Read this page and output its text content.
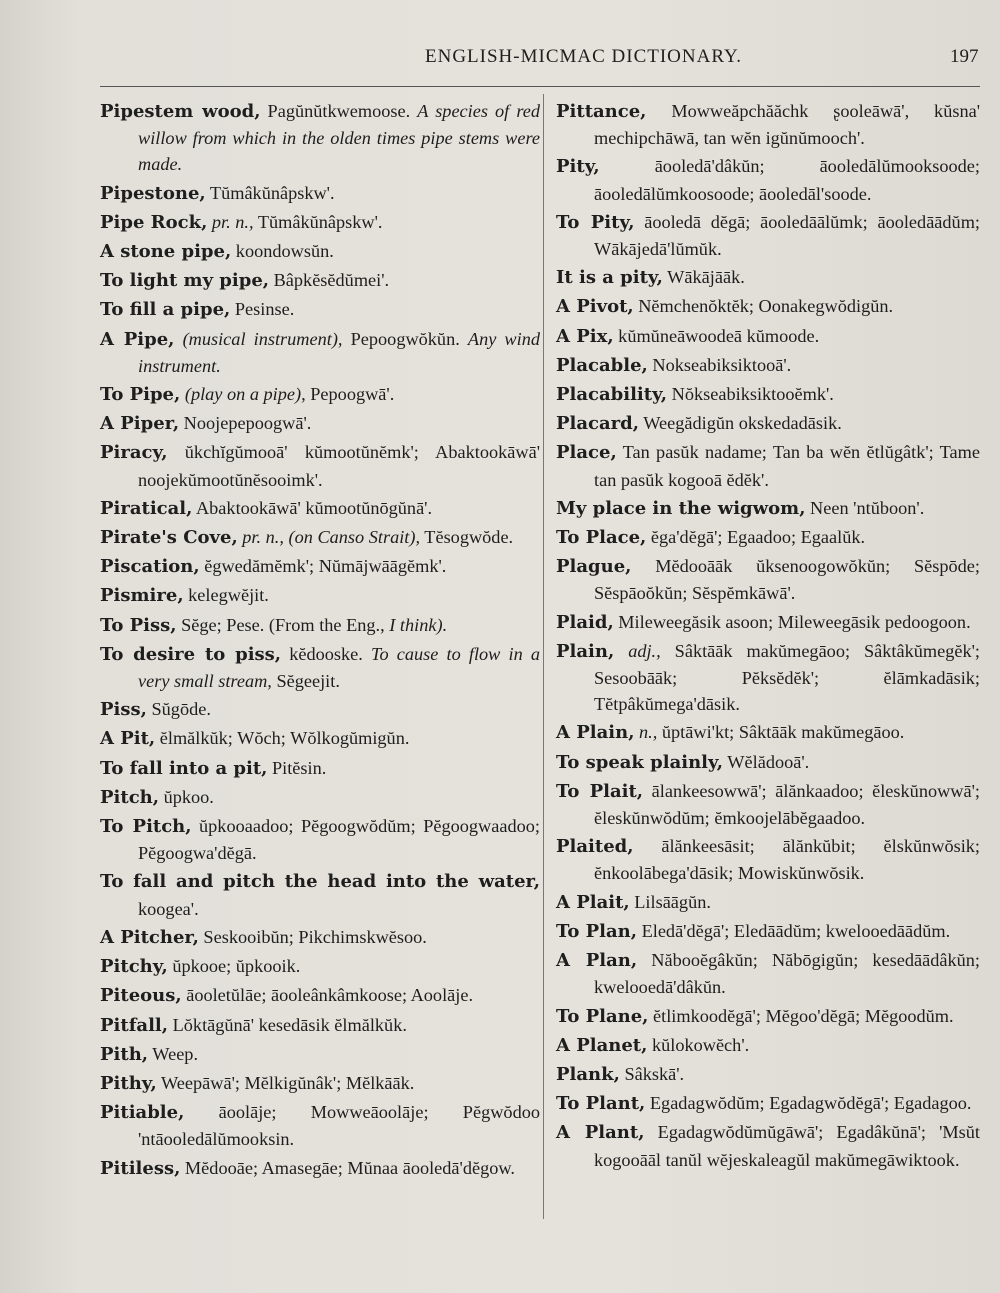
ENGLISH-MICMAC DICTIONARY.	197

Pipestem wood, Pagŭnŭtkwemoose. A species of red willow from which in the olden times pipe stems were made.

Pipestone, Tŭmâkŭnâpskw'.

Pipe Rock, pr. n., Tŭmâkŭnâpskw'.

A stone pipe, koondowsŭn.

To light my pipe, Bâpkĕsĕdŭmei'.

To fill a pipe, Pesinse.

A Pipe, (musical instrument), Pepoogwŏkŭn. Any wind instrument.

To Pipe, (play on a pipe), Pepoogwā'.

A Piper, Noojepepoogwā'.

Piracy, ŭkchĭgŭmooā' kŭmootŭnĕmk'; Abaktookāwā' noojekŭmootŭnĕsooimk'.

Piratical, Abaktookāwā' kŭmootŭnōgŭnā'.

Pirate's Cove, pr. n., (on Canso Strait), Tĕsogwŏde.

Piscation, ĕgwedămĕmk'; Nŭmājwāāgĕmk'.

Pismire, kelegwĕjit.

To Piss, Sĕge; Pese. (From the Eng., I think).

To desire to piss, kĕdooske. To cause to flow in a very small stream, Sĕgeejit.

Piss, Sŭgōde.

A Pit, ĕlmălkŭk; Wŏch; Wŏlkogŭmigŭn.

To fall into a pit, Pitĕsin.

Pitch, ŭpkoo.

To Pitch, ŭpkooaadoo; Pĕgoogwŏdŭm; Pĕgoogwaadoo; Pĕgoogwa'dĕgā.

To fall and pitch the head into the water, koogea'.

A Pitcher, Seskooibŭn; Pikchimskwĕsoo.

Pitchy, ŭpkooe; ŭpkooik.

Piteous, āooletŭlāe; āooleânkâmkoose; Aoolāje.

Pitfall, Lŏktāgŭnā' kesedāsik ĕlmălkŭk.

Pith, Weep.

Pithy, Weepāwā'; Mĕlkigŭnâk'; Mĕlkāāk.

Pitiable, āoolāje; Mowweāoolāje; Pĕgwŏdoo 'ntāooledālŭmooksin.

Pitiless, Mĕdooāe; Amasegāe; Mŭnaa āooledā'dĕgow.

Pittance, Mowweăpchăăchk ʂooleāwā', kŭsna' mechipchāwā, tan wĕn igŭnŭmooch'.

Pity, āooledā'dâkŭn; āooledālŭmooksoode; āooledālŭmkoosoode; āooledāl'soode.

To Pity, āooledā dĕgā; āooledāālŭmk; āooledāādŭm; Wākājedā'lŭmŭk.

It is a pity, Wākājāāk.

A Pivot, Nĕmchenŏktĕk; Oonakegwŏdigŭn.

A Pix, kŭmŭneāwoodeā kŭmoode.

Placable, Nokseabiksiktooā'.

Placability, Nŏkseabiksiktooĕmk'.

Placard, Weegădigŭn okskedadāsik.

Place, Tan pasŭk nadame; Tan ba wĕn ĕtlŭgâtk'; Tame tan pasŭk kogooā ĕdĕk'.

My place in the wigwom, Neen 'ntŭboon'.

To Place, ĕga'dĕgā'; Egaadoo; Egaalŭk.

Plague, Mĕdooāāk ŭksenoogowŏkŭn; Sĕspōde; Sĕspāoŏkŭn; Sĕspĕmkāwā'.

Plaid, Mileweegăsik asoon; Mileweegāsik pedoogoon.

Plain, adj., Sâktāāk makŭmegāoo; Sâktâkŭmegĕk'; Sesoobāāk; Pĕksĕdĕk'; ĕlāmkadāsik; Tĕtpâkŭmega'dāsik.

A Plain, n., ŭptāwi'kt; Sâktāāk makŭmegāoo.

To speak plainly, Wĕlădooā'.

To Plait, ālankeesowwā'; ālănkaadoo; ĕleskŭnowwā'; ĕleskŭnwŏdŭm; ĕmkoojelābĕgaadoo.

Plaited, ālănkeesāsit; ālănkŭbit; ĕlskŭnwŏsik; ĕnkoolābega'dāsik; Mowiskŭnwŏsik.

A Plait, Lilsāāgŭn.

To Plan, Eledā'dĕgā'; Eledāādŭm; kwelooedāādŭm.

A Plan, Năbooĕgâkŭn; Năbōgigŭn; kesedāādâkŭn; kwelooedā'dâkŭn.

To Plane, ĕtlimkoodĕgā'; Mĕgoo'dĕgā; Mĕgoodŭm.

A Planet, kŭlokowĕch'.

Plank, Sâkskā'.

To Plant, Egadagwŏdŭm; Egadagwŏdĕgā'; Egadagoo.

A Plant, Egadagwŏdŭmŭgāwā'; Egadâkŭnā'; 'Msŭt kogooāāl tanŭl wĕjeskaleagŭl makŭmegāwiktook.
